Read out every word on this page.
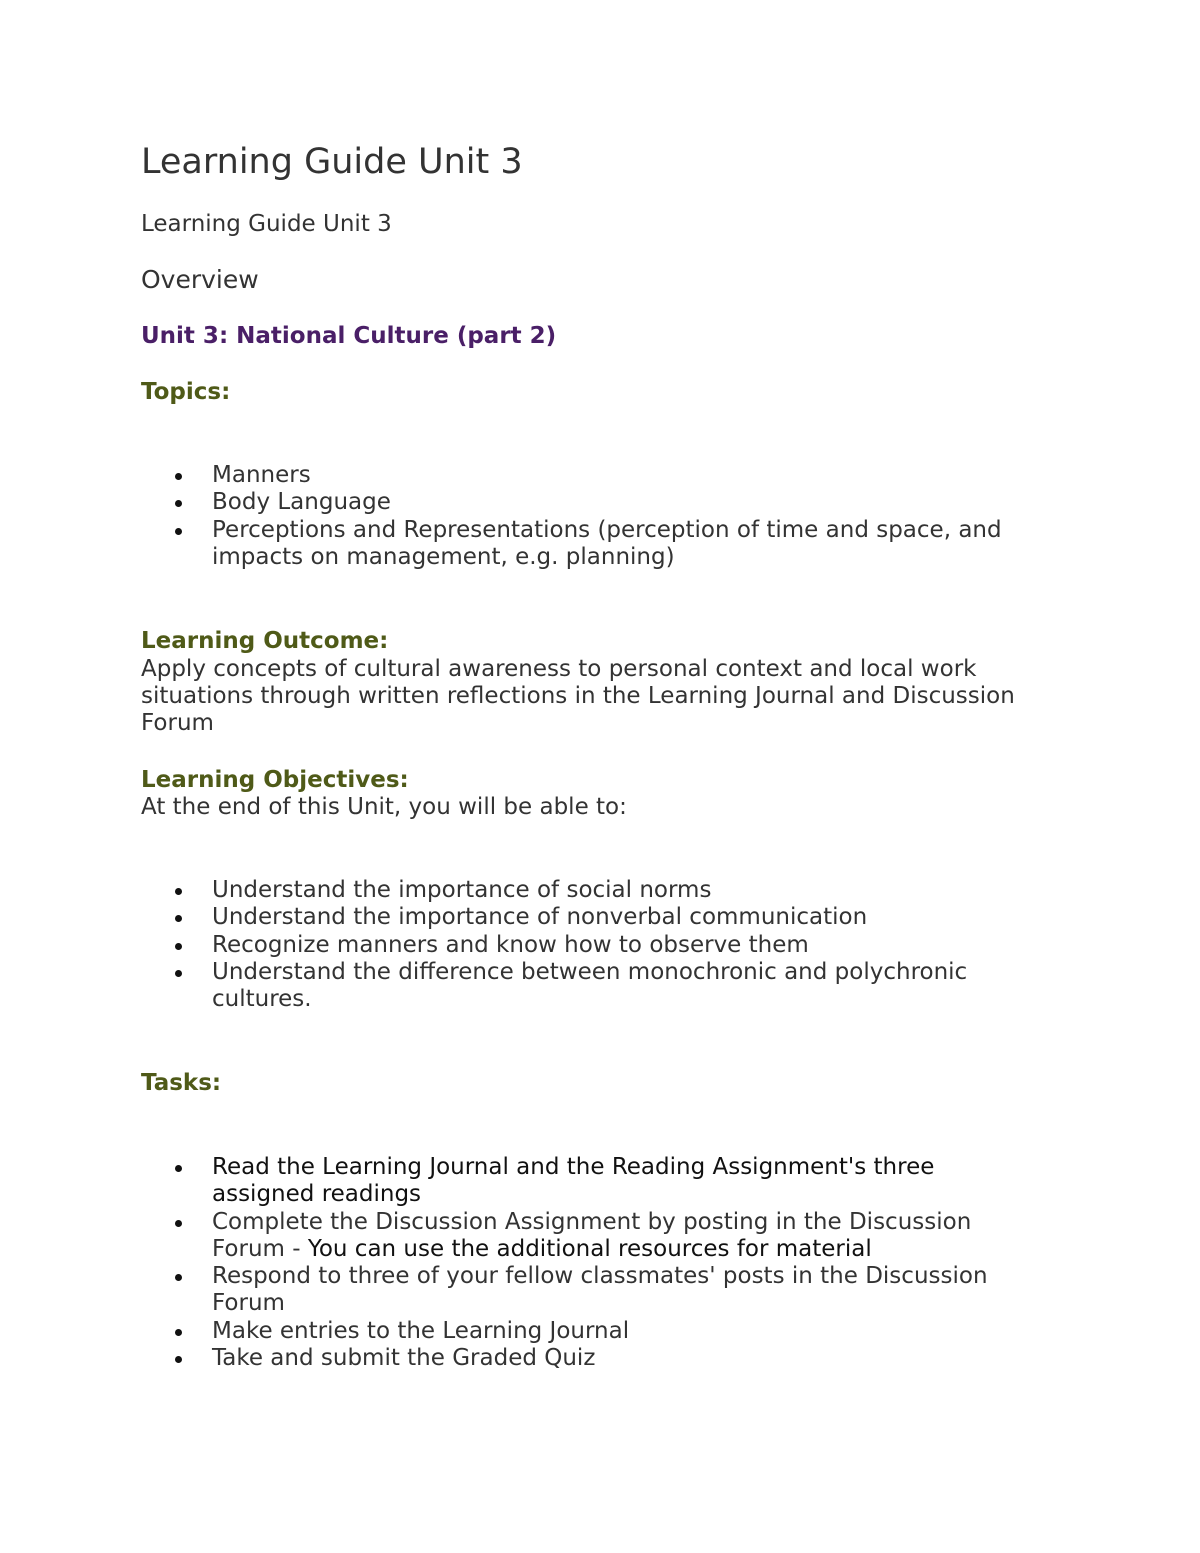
Learning Guide Unit 3

Learning Guide Unit 3

Overview
Unit 3: National Culture (part 2)
Topics:
Manners
Body Language
Perceptions and Representations (perception of time and space, and impacts on management, e.g. planning)
Learning Outcome:

Apply concepts of cultural awareness to personal context and local work situations through written reflections in the Learning Journal and Discussion Forum

Learning Objectives:

At the end of this Unit, you will be able to:

Understand the importance of social norms
Understand the importance of nonverbal communication
Recognize manners and know how to observe them
Understand the difference between monochronic and polychronic cultures.
Tasks:
Read the Learning Journal and the Reading Assignment's three assigned readings
Complete the Discussion Assignment by posting in the Discussion Forum - You can use the additional resources for material
Respond to three of your fellow classmates' posts in the Discussion Forum
Make entries to the Learning Journal
Take and submit the Graded Quiz
